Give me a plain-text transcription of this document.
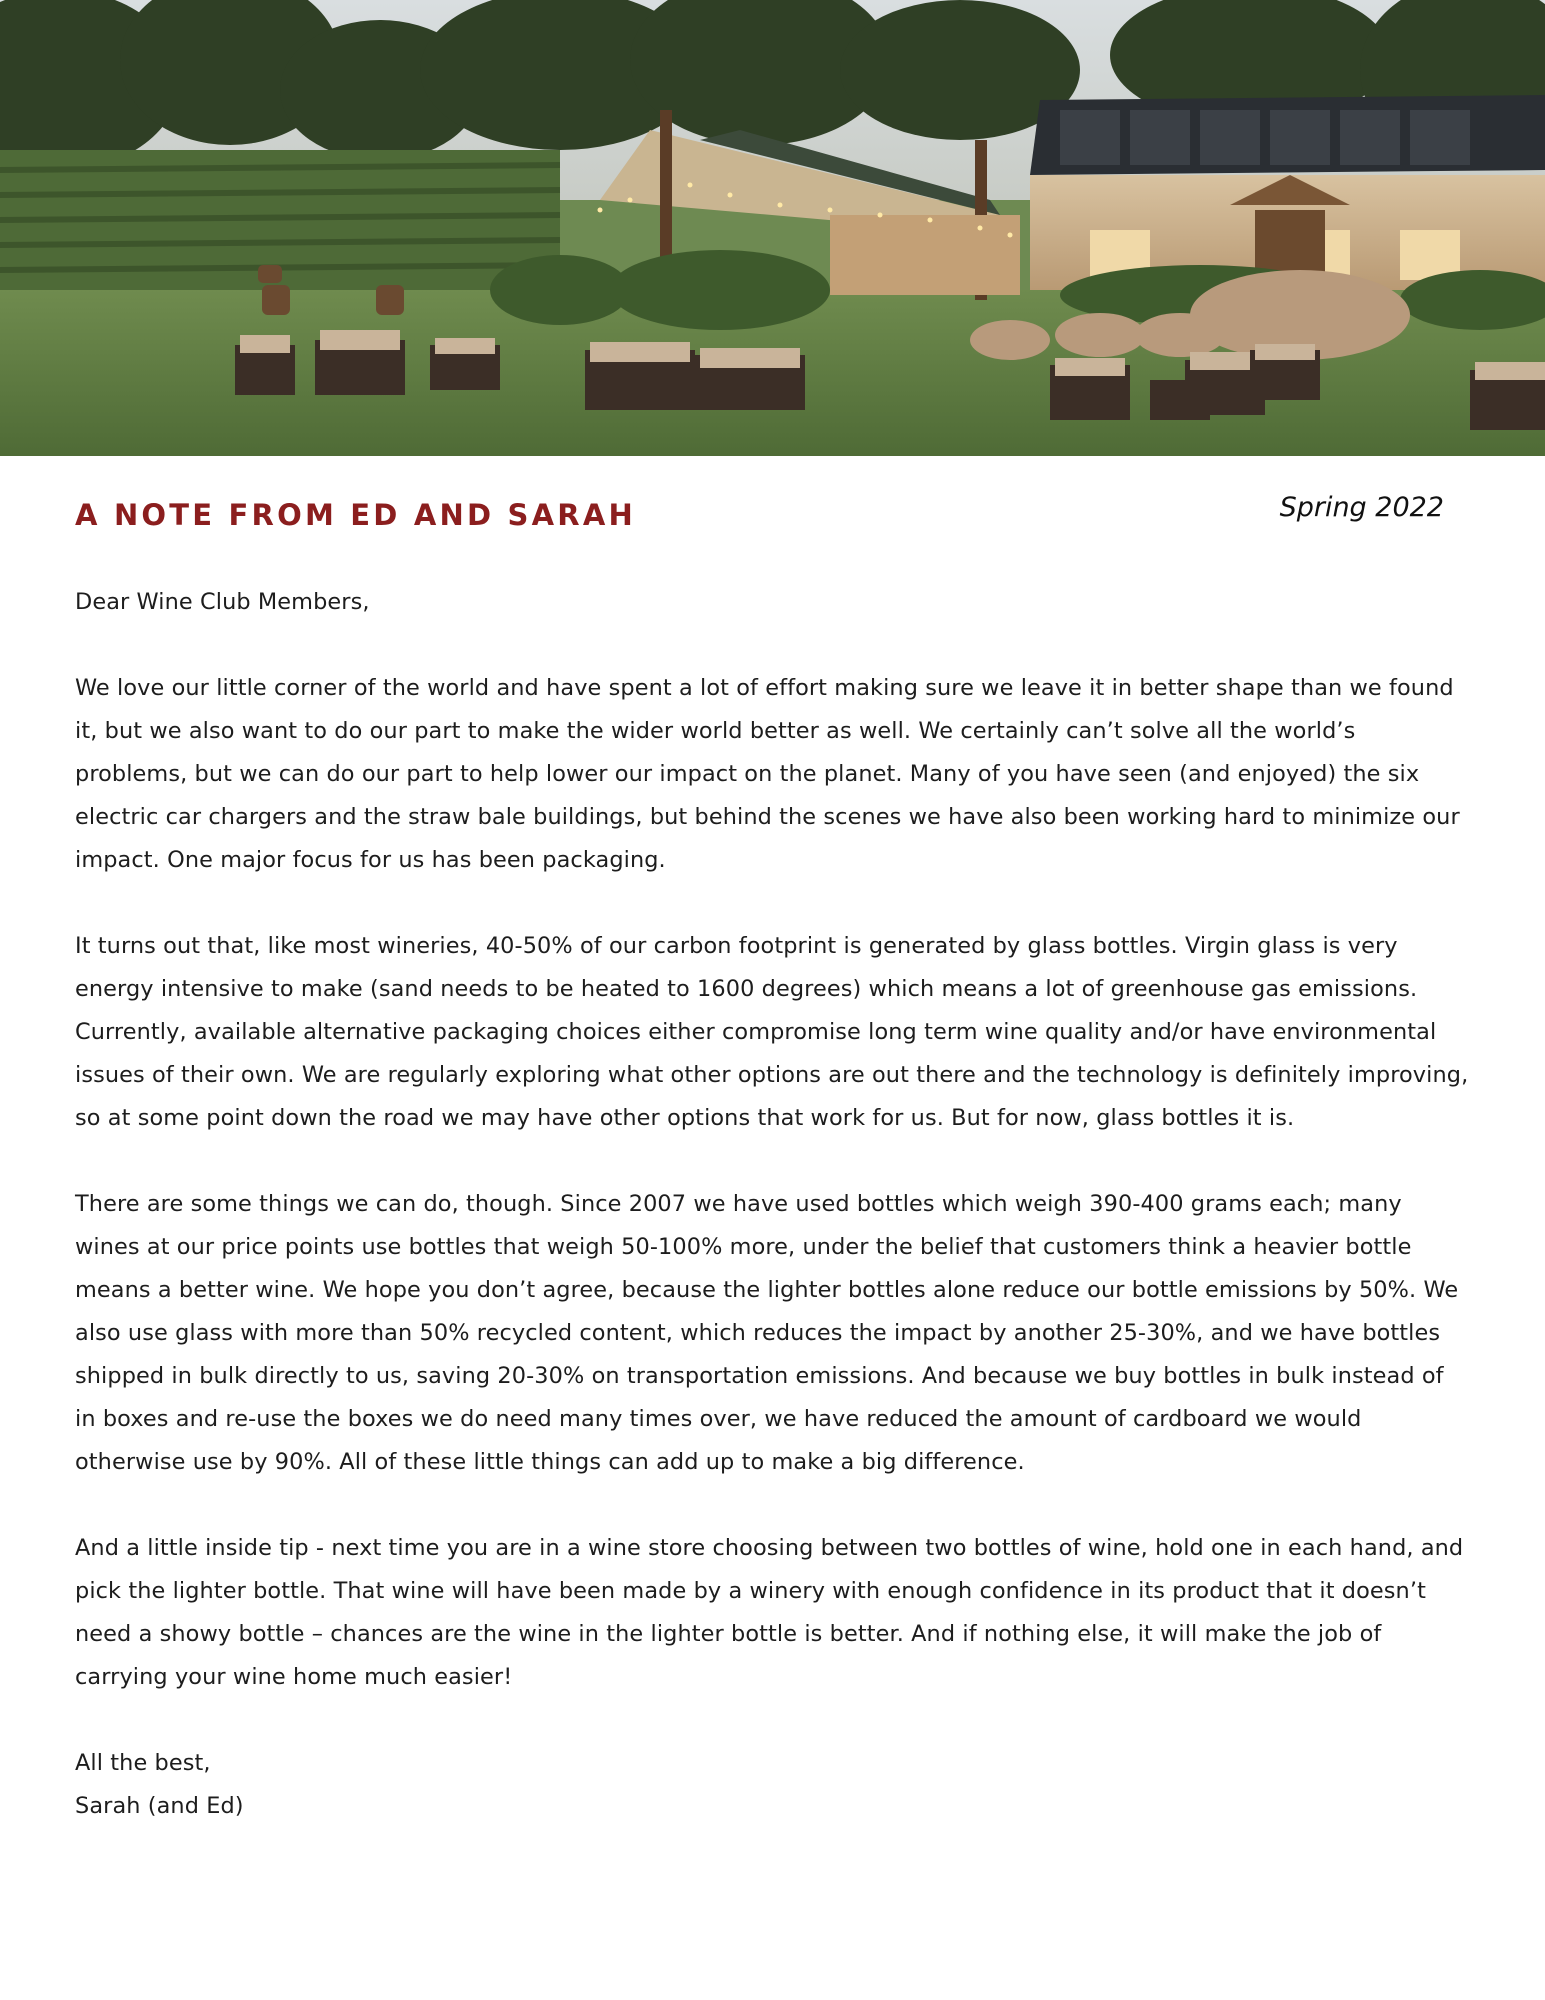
A NOTE FROM ED AND SARAH	Spring 2022

Dear Wine Club Members,

We love our little corner of the world and have spent a lot of effort making sure we leave it in better shape than we found it, but we also want to do our part to make the wider world better as well. We certainly can’t solve all the world’s problems, but we can do our part to help lower our impact on the planet. Many of you have seen (and enjoyed) the six electric car chargers and the straw bale buildings, but behind the scenes we have also been working hard to minimize our impact. One major focus for us has been packaging.

It turns out that, like most wineries, 40-50% of our carbon footprint is generated by glass bottles. Virgin glass is very energy intensive to make (sand needs to be heated to 1600 degrees) which means a lot of greenhouse gas emissions. Currently, available alternative packaging choices either compromise long term wine quality and/or have environmental issues of their own. We are regularly exploring what other options are out there and the technology is definitely improving, so at some point down the road we may have other options that work for us. But for now, glass bottles it is.

There are some things we can do, though. Since 2007 we have used bottles which weigh 390-400 grams each; many wines at our price points use bottles that weigh 50-100% more, under the belief that customers think a heavier bottle means a better wine. We hope you don’t agree, because the lighter bottles alone reduce our bottle emissions by 50%. We also use glass with more than 50% recycled content, which reduces the impact by another 25-30%, and we have bottles shipped in bulk directly to us, saving 20-30% on transportation emissions. And because we buy bottles in bulk instead of in boxes and re-use the boxes we do need many times over, we have reduced the amount of cardboard we would otherwise use by 90%. All of these little things can add up to make a big difference.

And a little inside tip - next time you are in a wine store choosing between two bottles of wine, hold one in each hand, and pick the lighter bottle. That wine will have been made by a winery with enough confidence in its product that it doesn’t need a showy bottle – chances are the wine in the lighter bottle is better. And if nothing else, it will make the job of carrying your wine home much easier!

All the best,
Sarah (and Ed)
